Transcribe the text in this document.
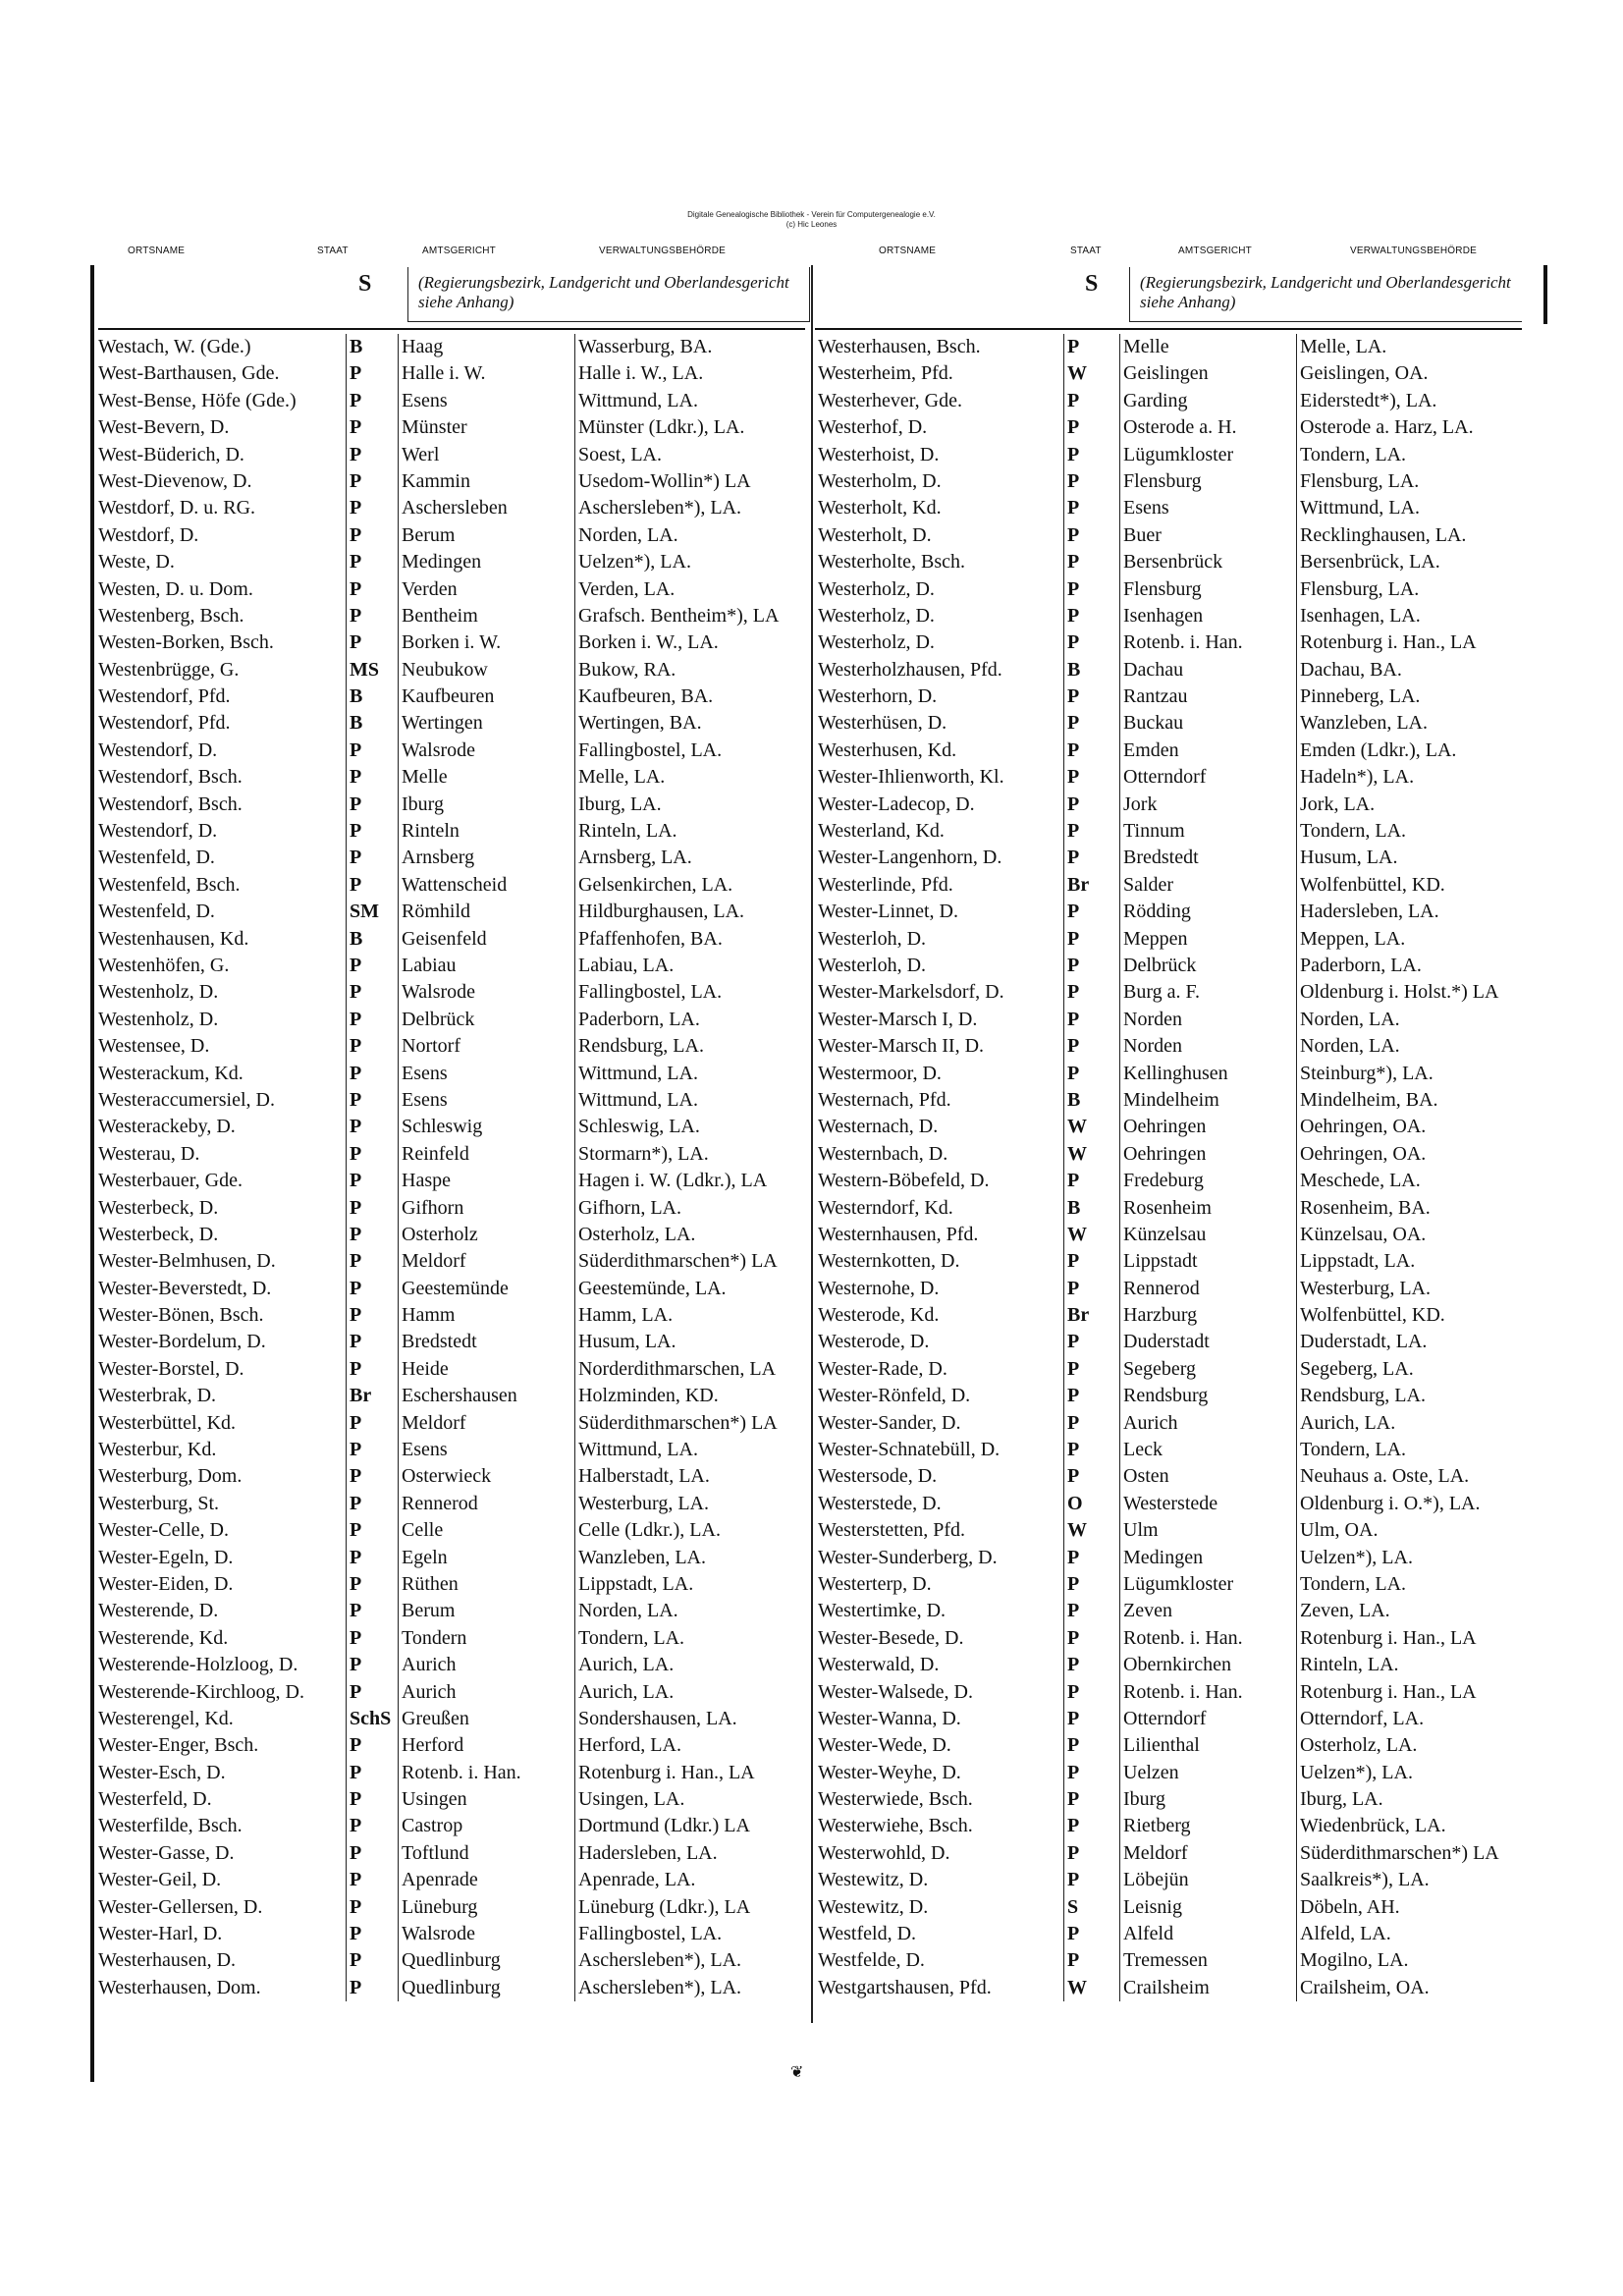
Digitale Genealogische Bibliothek - Verein für Computergenealogie e.V.
(c) Hic Leones
ORTSNAME	STAAT	AMTSGERICHT	VERWALTUNGSBEHÖRDE	ORTSNAME	STAAT	AMTSGERICHT	VERWALTUNGSBEHÖRDE
S	(Regierungsbezirk, Landgericht und Oberlandesgericht siehe Anhang)
S	(Regierungsbezirk, Landgericht und Oberlandesgericht siehe Anhang)
Westach, W. (Gde.)	B	Haag	Wasserburg, BA.
West-Barthausen, Gde.	P	Halle i. W.	Halle i. W., LA.
West-Bense, Höfe (Gde.)	P	Esens	Wittmund, LA.
West-Bevern, D.	P	Münster	Münster (Ldkr.), LA.
West-Büderich, D.	P	Werl	Soest, LA.
West-Dievenow, D.	P	Kammin	Usedom-Wollin*) LA
Westdorf, D. u. RG.	P	Aschersleben	Aschersleben*), LA.
Westdorf, D.	P	Berum	Norden, LA.
Weste, D.	P	Medingen	Uelzen*), LA.
Westen, D. u. Dom.	P	Verden	Verden, LA.
Westenberg, Bsch.	P	Bentheim	Grafsch. Bentheim*), LA
Westen-Borken, Bsch.	P	Borken i. W.	Borken i. W., LA.
Westenbrügge, G.	MS	Neubukow	Bukow, RA.
Westendorf, Pfd.	B	Kaufbeuren	Kaufbeuren, BA.
Westendorf, Pfd.	B	Wertingen	Wertingen, BA.
Westendorf, D.	P	Walsrode	Fallingbostel, LA.
Westendorf, Bsch.	P	Melle	Melle, LA.
Westendorf, Bsch.	P	Iburg	Iburg, LA.
Westendorf, D.	P	Rinteln	Rinteln, LA.
Westenfeld, D.	P	Arnsberg	Arnsberg, LA.
Westenfeld, Bsch.	P	Wattenscheid	Gelsenkirchen, LA.
Westenfeld, D.	SM	Römhild	Hildburghausen, LA.
Westenhausen, Kd.	B	Geisenfeld	Pfaffenhofen, BA.
Westenhöfen, G.	P	Labiau	Labiau, LA.
Westenholz, D.	P	Walsrode	Fallingbostel, LA.
Westenholz, D.	P	Delbrück	Paderborn, LA.
Westensee, D.	P	Nortorf	Rendsburg, LA.
Westerackum, Kd.	P	Esens	Wittmund, LA.
Westeraccumersiel, D.	P	Esens	Wittmund, LA.
Westerackeby, D.	P	Schleswig	Schleswig, LA.
Westerau, D.	P	Reinfeld	Stormarn*), LA.
Westerbauer, Gde.	P	Haspe	Hagen i. W. (Ldkr.), LA
Westerbeck, D.	P	Gifhorn	Gifhorn, LA.
Westerbeck, D.	P	Osterholz	Osterholz, LA.
Wester-Belmhusen, D.	P	Meldorf	Süderdithmarschen*) LA
Wester-Beverstedt, D.	P	Geestemünde	Geestemünde, LA.
Wester-Bönen, Bsch.	P	Hamm	Hamm, LA.
Wester-Bordelum, D.	P	Bredstedt	Husum, LA.
Wester-Borstel, D.	P	Heide	Norderdithmarschen, LA
Westerbrak, D.	Br	Eschershausen	Holzminden, KD.
Westerbüttel, Kd.	P	Meldorf	Süderdithmarschen*) LA
Westerbur, Kd.	P	Esens	Wittmund, LA.
Westerburg, Dom.	P	Osterwieck	Halberstadt, LA.
Westerburg, St.	P	Rennerod	Westerburg, LA.
Wester-Celle, D.	P	Celle	Celle (Ldkr.), LA.
Wester-Egeln, D.	P	Egeln	Wanzleben, LA.
Wester-Eiden, D.	P	Rüthen	Lippstadt, LA.
Westerende, D.	P	Berum	Norden, LA.
Westerende, Kd.	P	Tondern	Tondern, LA.
Westerende-Holzloog, D.	P	Aurich	Aurich, LA.
Westerende-Kirchloog, D.	P	Aurich	Aurich, LA.
Westerengel, Kd.	SchS Greußen	Sondershausen, LA.
Wester-Enger, Bsch.	P	Herford	Herford, LA.
Wester-Esch, D.	P	Rotenb. i. Han.	Rotenburg i. Han., LA
Westerfeld, D.	P	Usingen	Usingen, LA.
Westerfilde, Bsch.	P	Castrop	Dortmund (Ldkr.) LA
Wester-Gasse, D.	P	Toftlund	Hadersleben, LA.
Wester-Geil, D.	P	Apenrade	Apenrade, LA.
Wester-Gellersen, D.	P	Lüneburg	Lüneburg (Ldkr.), LA
Wester-Harl, D.	P	Walsrode	Fallingbostel, LA.
Westerhausen, D.	P	Quedlinburg	Aschersleben*), LA.
Westerhausen, Dom.	P	Quedlinburg	Aschersleben*), LA.
Westerhausen, Bsch.	P	Melle	Melle, LA.
Westerheim, Pfd.	W	Geislingen	Geislingen, OA.
Westerhever, Gde.	P	Garding	Eiderstedt*), LA.
Westerhof, D.	P	Osterode a. H.	Osterode a. Harz, LA.
Westerhoist, D.	P	Lügumkloster	Tondern, LA.
Westerholm, D.	P	Flensburg	Flensburg, LA.
Westerholt, Kd.	P	Esens	Wittmund, LA.
Westerholt, D.	P	Buer	Recklinghausen, LA.
Westerholte, Bsch.	P	Bersenbrück	Bersenbrück, LA.
Westerholz, D.	P	Flensburg	Flensburg, LA.
Westerholz, D.	P	Isenhagen	Isenhagen, LA.
Westerholz, D.	P	Rotenb. i. Han.	Rotenburg i. Han., LA
Westerholzhausen, Pfd.	B	Dachau	Dachau, BA.
Westerhorn, D.	P	Rantzau	Pinneberg, LA.
Westerhüsen, D.	P	Buckau	Wanzleben, LA.
Westerhusen, Kd.	P	Emden	Emden (Ldkr.), LA.
Wester-Ihlienworth, Kl.	P	Otterndorf	Hadeln*), LA.
Wester-Ladecop, D.	P	Jork	Jork, LA.
Westerland, Kd.	P	Tinnum	Tondern, LA.
Wester-Langenhorn, D.	P	Bredstedt	Husum, LA.
Westerlinde, Pfd.	Br	Salder	Wolfenbüttel, KD.
Wester-Linnet, D.	P	Rödding	Hadersleben, LA.
Westerloh, D.	P	Meppen	Meppen, LA.
Westerloh, D.	P	Delbrück	Paderborn, LA.
Wester-Markelsdorf, D.	P	Burg a. F.	Oldenburg i. Holst.*) LA
Wester-Marsch I, D.	P	Norden	Norden, LA.
Wester-Marsch II, D.	P	Norden	Norden, LA.
Westermoor, D.	P	Kellinghusen	Steinburg*), LA.
Westernach, Pfd.	B	Mindelheim	Mindelheim, BA.
Westernach, D.	W	Oehringen	Oehringen, OA.
Westernbach, D.	W	Oehringen	Oehringen, OA.
Western-Böbefeld, D.	P	Fredeburg	Meschede, LA.
Westerndorf, Kd.	B	Rosenheim	Rosenheim, BA.
Westernhausen, Pfd.	W	Künzelsau	Künzelsau, OA.
Westernkotten, D.	P	Lippstadt	Lippstadt, LA.
Westernohe, D.	P	Rennerod	Westerburg, LA.
Westerode, Kd.	Br	Harzburg	Wolfenbüttel, KD.
Westerode, D.	P	Duderstadt	Duderstadt, LA.
Wester-Rade, D.	P	Segeberg	Segeberg, LA.
Wester-Rönfeld, D.	P	Rendsburg	Rendsburg, LA.
Wester-Sander, D.	P	Aurich	Aurich, LA.
Wester-Schnatebüll, D.	P	Leck	Tondern, LA.
Westersode, D.	P	Osten	Neuhaus a. Oste, LA.
Westerstede, D.	O	Westerstede	Oldenburg i. O.*), LA.
Westerstetten, Pfd.	W	Ulm	Ulm, OA.
Wester-Sunderberg, D.	P	Medingen	Uelzen*), LA.
Westerterp, D.	P	Lügumkloster	Tondern, LA.
Westertimke, D.	P	Zeven	Zeven, LA.
Wester-Besede, D.	P	Rotenb. i. Han.	Rotenburg i. Han., LA
Westerwald, D.	P	Obernkirchen	Rinteln, LA.
Wester-Walsede, D.	P	Rotenb. i. Han.	Rotenburg i. Han., LA
Wester-Wanna, D.	P	Otterndorf	Otterndorf, LA.
Wester-Wede, D.	P	Lilienthal	Osterholz, LA.
Wester-Weyhe, D.	P	Uelzen	Uelzen*), LA.
Westerwiede, Bsch.	P	Iburg	Iburg, LA.
Westerwiehe, Bsch.	P	Rietberg	Wiedenbrück, LA.
Westerwohld, D.	P	Meldorf	Süderdithmarschen*) LA
Westewitz, D.	P	Löbejün	Saalkreis*), LA.
Westewitz, D.	S	Leisnig	Döbeln, AH.
Westfeld, D.	P	Alfeld	Alfeld, LA.
Westfelde, D.	P	Tremessen	Mogilno, LA.
Westgartshausen, Pfd.	W	Crailsheim	Crailsheim, OA.
❦
